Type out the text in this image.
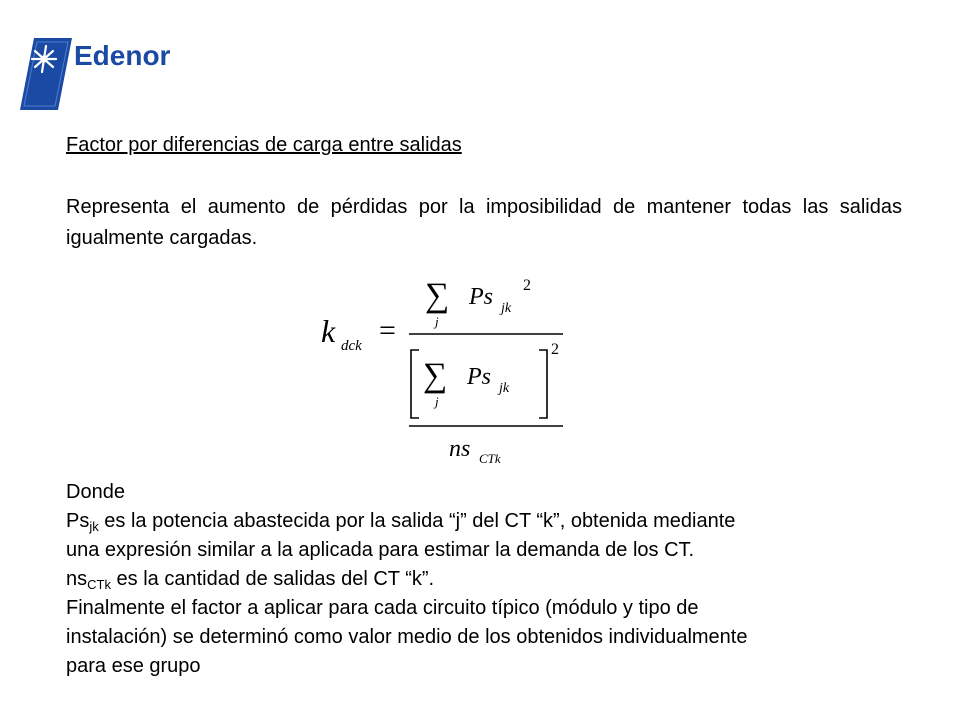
Edenor
Factor por diferencias de carga entre salidas
Representa el aumento de pérdidas por la imposibilidad de mantener todas las salidas igualmente cargadas.
k dck =
∑
j
Ps jk
2
2
∑
j
Ps jk
ns CTk
Donde
$Ps_{jk}$ es la potencia abastecida por la salida “j” del CT “k”, obtenida mediante
una expresión similar a la aplicada para estimar la demanda de los CT.
$ns_{CTk}$ es la cantidad de salidas del CT “k”.
Finalmente el factor a aplicar para cada circuito típico (módulo y tipo de
instalación) se determinó como valor medio de los obtenidos individualmente
para ese grupo
